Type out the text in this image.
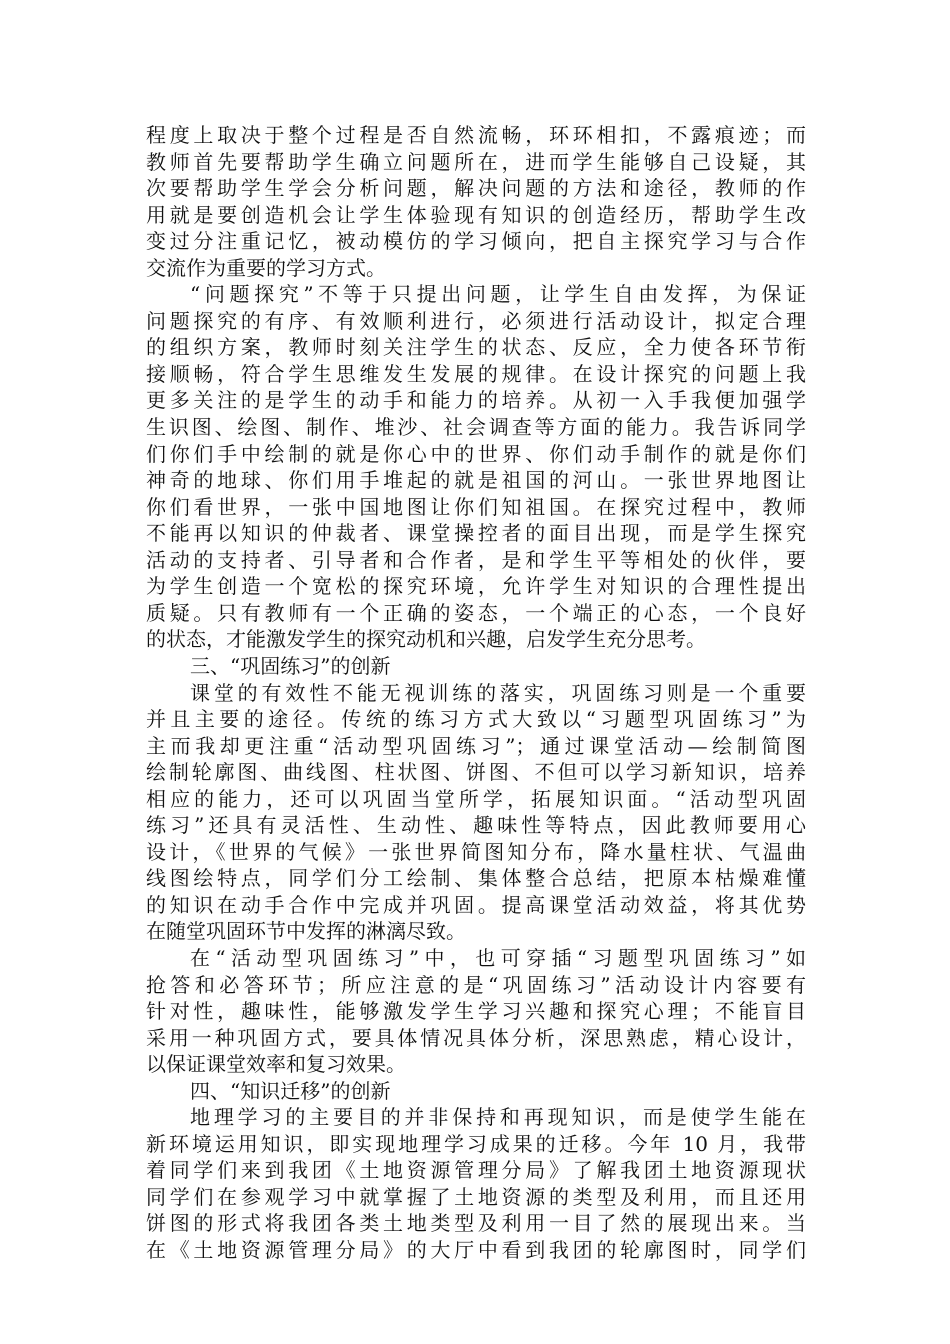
程度上取决于整个过程是否自然流畅，环环相扣，不露痕迹；而
教师首先要帮助学生确立问题所在，进而学生能够自己设疑，其
次要帮助学生学会分析问题，解决问题的方法和途径，教师的作
用就是要创造机会让学生体验现有知识的创造经历，帮助学生改
变过分注重记忆，被动模仿的学习倾向，把自主探究学习与合作
交流作为重要的学习方式。
“问题探究”不等于只提出问题，让学生自由发挥，为保证
问题探究的有序、有效顺利进行，必须进行活动设计，拟定合理
的组织方案，教师时刻关注学生的状态、反应，全力使各环节衔
接顺畅，符合学生思维发生发展的规律。在设计探究的问题上我
更多关注的是学生的动手和能力的培养。从初一入手我便加强学
生识图、绘图、制作、堆沙、社会调查等方面的能力。我告诉同学
们你们手中绘制的就是你心中的世界、你们动手制作的就是你们
神奇的地球、你们用手堆起的就是祖国的河山。一张世界地图让
你们看世界，一张中国地图让你们知祖国。在探究过程中，教师
不能再以知识的仲裁者、课堂操控者的面目出现，而是学生探究
活动的支持者、引导者和合作者，是和学生平等相处的伙伴，要
为学生创造一个宽松的探究环境，允许学生对知识的合理性提出
质疑。只有教师有一个正确的姿态，一个端正的心态，一个良好
的状态，才能激发学生的探究动机和兴趣，启发学生充分思考。
三、“巩固练习”的创新
课堂的有效性不能无视训练的落实，巩固练习则是一个重要
并且主要的途径。传统的练习方式大致以“习题型巩固练习”为
主而我却更注重“活动型巩固练习”；通过课堂活动—绘制简图
绘制轮廓图、曲线图、柱状图、饼图、不但可以学习新知识，培养
相应的能力，还可以巩固当堂所学，拓展知识面。“活动型巩固
练习”还具有灵活性、生动性、趣味性等特点，因此教师要用心
设计，《世界的气候》一张世界简图知分布，降水量柱状、气温曲
线图绘特点，同学们分工绘制、集体整合总结，把原本枯燥难懂
的知识在动手合作中完成并巩固。提高课堂活动效益，将其优势
在随堂巩固环节中发挥的淋漓尽致。
在“活动型巩固练习”中，也可穿插“习题型巩固练习”如
抢答和必答环节；所应注意的是“巩固练习”活动设计内容要有
针对性，趣味性，能够激发学生学习兴趣和探究心理；不能盲目
采用一种巩固方式，要具体情况具体分析，深思熟虑，精心设计，
以保证课堂效率和复习效果。
四、“知识迁移”的创新
地理学习的主要目的并非保持和再现知识，而是使学生能在
新环境运用知识，即实现地理学习成果的迁移。今年 10 月，我带
着同学们来到我团《土地资源管理分局》了解我团土地资源现状
同学们在参观学习中就掌握了土地资源的类型及利用，而且还用
饼图的形式将我团各类土地类型及利用一目了然的展现出来。当
在《土地资源管理分局》的大厅中看到我团的轮廓图时，同学们
